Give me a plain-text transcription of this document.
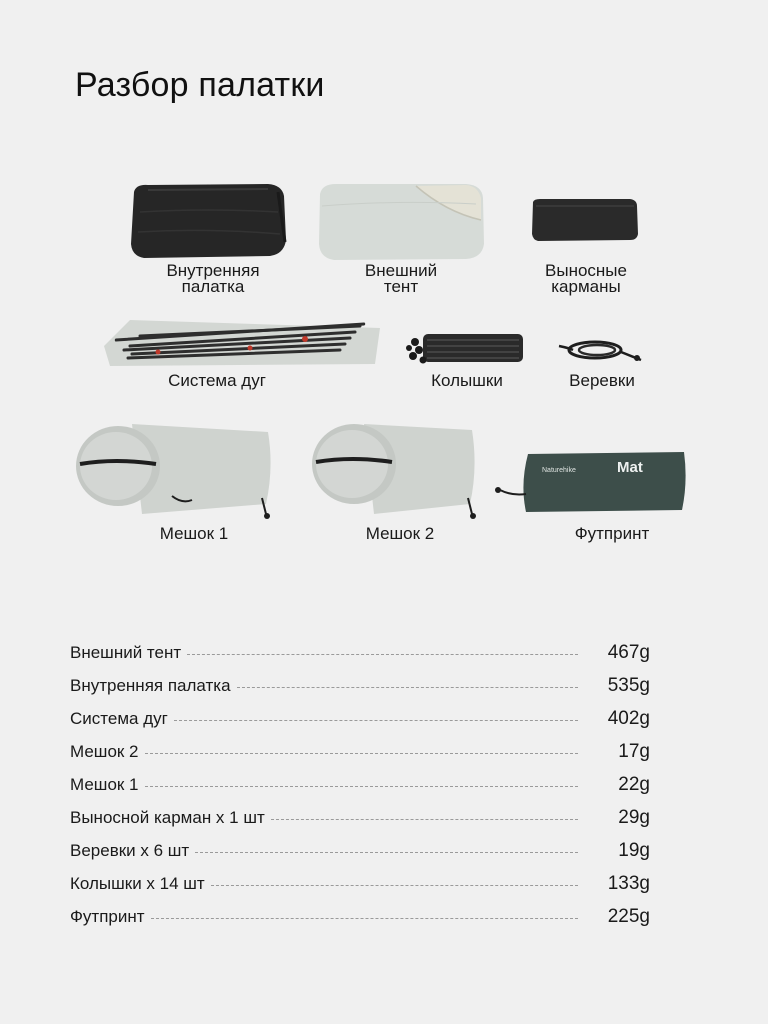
Разбор палатки
Внутренняя
палатка
Внешний
тент
Выносные
карманы
Система дуг	Колышки	Веревки
Мешок 1	Мешок 2
Naturehike	Mat
Футпринт
Внешний тент	467g
Внутренняя палатка	535g
Система дуг	402g
Мешок 2	17g
Мешок 1	22g
Выносной карман x 1 шт	29g
Веревки x 6 шт	19g
Колышки x 14 шт	133g
Футпринт	225g
